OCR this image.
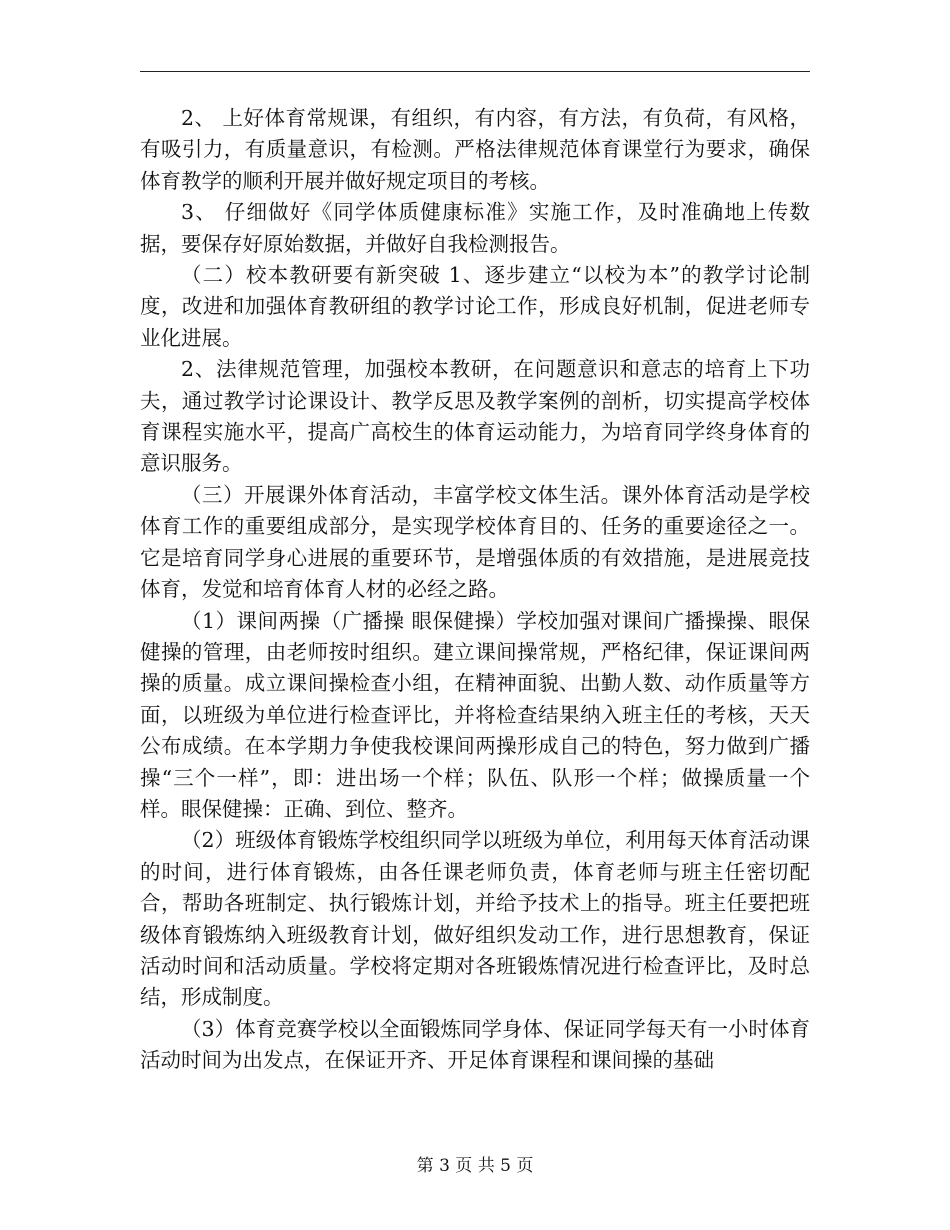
2、 上好体育常规课，有组织，有内容，有方法，有负荷，有风格，有吸引力，有质量意识，有检测。严格法律规范体育课堂行为要求，确保体育教学的顺利开展并做好规定项目的考核。

3、 仔细做好《同学体质健康标准》实施工作，及时准确地上传数据，要保存好原始数据，并做好自我检测报告。

（二）校本教研要有新突破 1、逐步建立“以校为本”的教学讨论制度，改进和加强体育教研组的教学讨论工作，形成良好机制，促进老师专业化进展。

2、法律规范管理，加强校本教研，在问题意识和意志的培育上下功夫，通过教学讨论课设计、教学反思及教学案例的剖析，切实提高学校体育课程实施水平，提高广高校生的体育运动能力，为培育同学终身体育的意识服务。

（三）开展课外体育活动，丰富学校文体生活。课外体育活动是学校体育工作的重要组成部分，是实现学校体育目的、任务的重要途径之一。它是培育同学身心进展的重要环节，是增强体质的有效措施，是进展竞技体育，发觉和培育体育人材的必经之路。

（1）课间两操（广播操 眼保健操）学校加强对课间广播操操、眼保健操的管理，由老师按时组织。建立课间操常规，严格纪律，保证课间两操的质量。成立课间操检查小组，在精神面貌、出勤人数、动作质量等方面，以班级为单位进行检查评比，并将检查结果纳入班主任的考核，天天公布成绩。在本学期力争使我校课间两操形成自己的特色，努力做到广播操“三个一样”，即：进出场一个样；队伍、队形一个样；做操质量一个样。眼保健操：正确、到位、整齐。

（2）班级体育锻炼学校组织同学以班级为单位，利用每天体育活动课的时间，进行体育锻炼，由各任课老师负责，体育老师与班主任密切配合，帮助各班制定、执行锻炼计划，并给予技术上的指导。班主任要把班级体育锻炼纳入班级教育计划，做好组织发动工作，进行思想教育，保证活动时间和活动质量。学校将定期对各班锻炼情况进行检查评比，及时总结，形成制度。

（3）体育竞赛学校以全面锻炼同学身体、保证同学每天有一小时体育活动时间为出发点，在保证开齐、开足体育课程和课间操的基础

第 3 页 共 5 页
